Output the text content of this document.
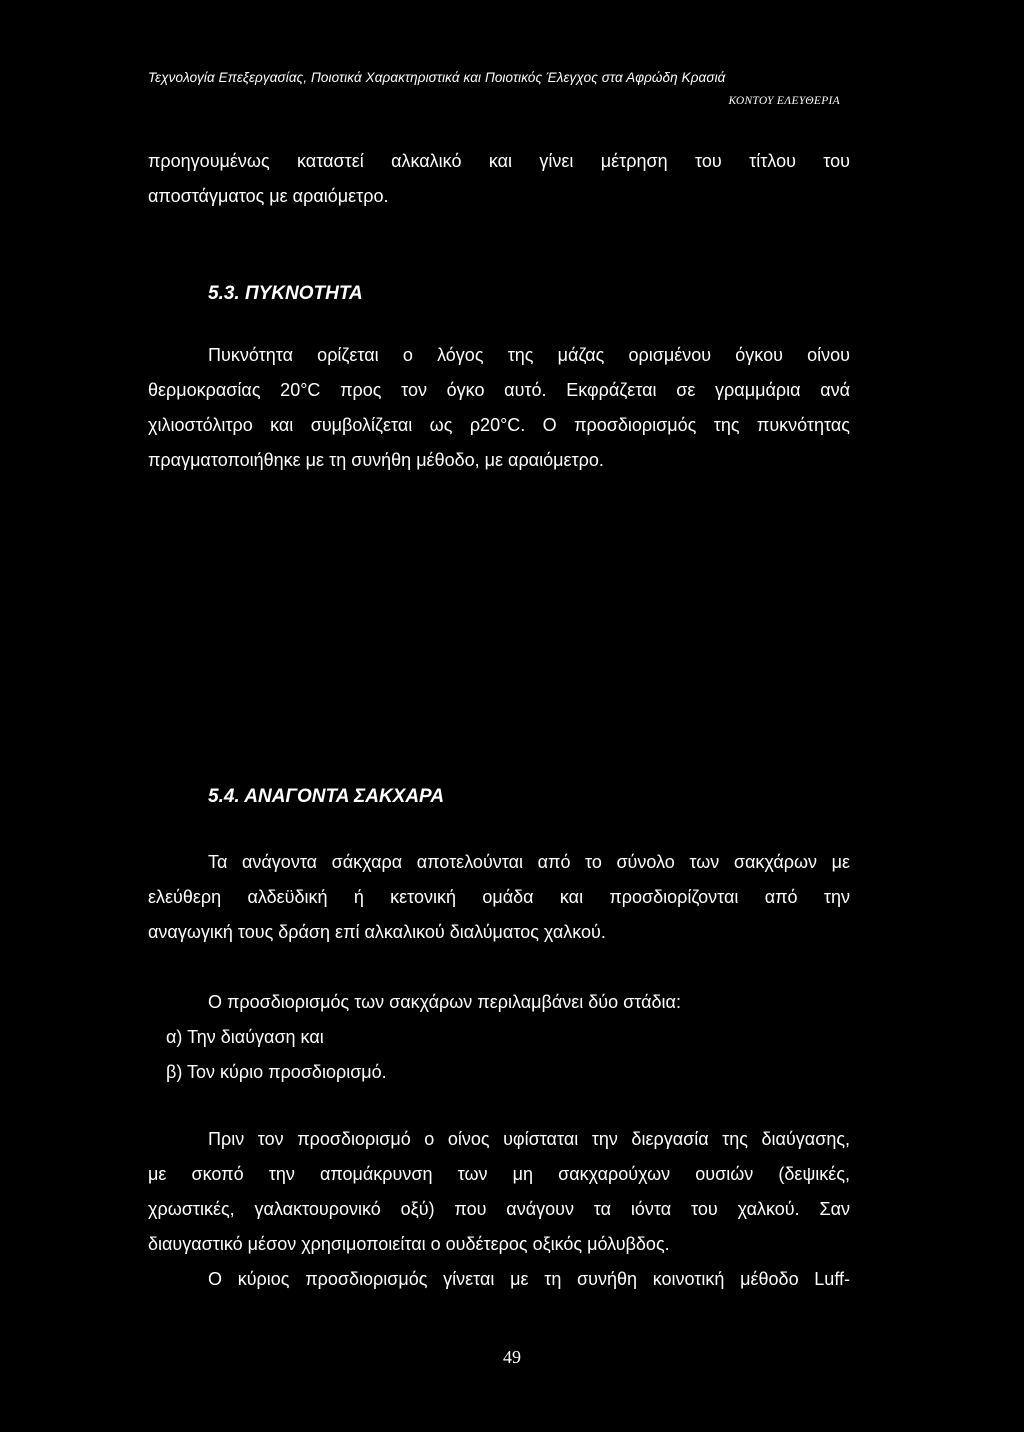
Τεχνολογία Επεξεργασίας, Ποιοτικά Χαρακτηριστικά και Ποιοτικός Έλεγχος στα Αφρώδη Κρασιά
ΚΟΝΤΟΥ ΕΛΕΥΘΕΡΙΑ
προηγουμένως καταστεί αλκαλικό και γίνει μέτρηση του τίτλου του
αποστάγματος με αραιόμετρο.
5.3. ΠΥΚΝΟΤΗΤΑ
Πυκνότητα ορίζεται ο λόγος της μάζας ορισμένου όγκου οίνου
θερμοκρασίας 20°C προς τον όγκο αυτό. Εκφράζεται σε γραμμάρια ανά
χιλιοστόλιτρο και συμβολίζεται ως ρ20°C. Ο προσδιορισμός της πυκνότητας
πραγματοποιήθηκε με τη συνήθη μέθοδο, με αραιόμετρο.
5.4. ΑΝΑΓΟΝΤΑ ΣΑΚΧΑΡΑ
Τα ανάγοντα σάκχαρα αποτελούνται από το σύνολο των σακχάρων με
ελεύθερη αλδεϋδική ή κετονική ομάδα και προσδιορίζονται από την
αναγωγική τους δράση επί αλκαλικού διαλύματος χαλκού.
Ο προσδιορισμός των σακχάρων περιλαμβάνει δύο στάδια:
α) Την διαύγαση και
β) Τον κύριο προσδιορισμό.
Πριν τον προσδιορισμό ο οίνος υφίσταται την διεργασία της διαύγασης,
με σκοπό την απομάκρυνση των μη σακχαρούχων ουσιών (δεψικές,
χρωστικές, γαλακτουρονικό οξύ) που ανάγουν τα ιόντα του χαλκού. Σαν
διαυγαστικό μέσον χρησιμοποιείται ο ουδέτερος οξικός μόλυβδος.
Ο κύριος προσδιορισμός γίνεται με τη συνήθη κοινοτική μέθοδο Luff-
49
